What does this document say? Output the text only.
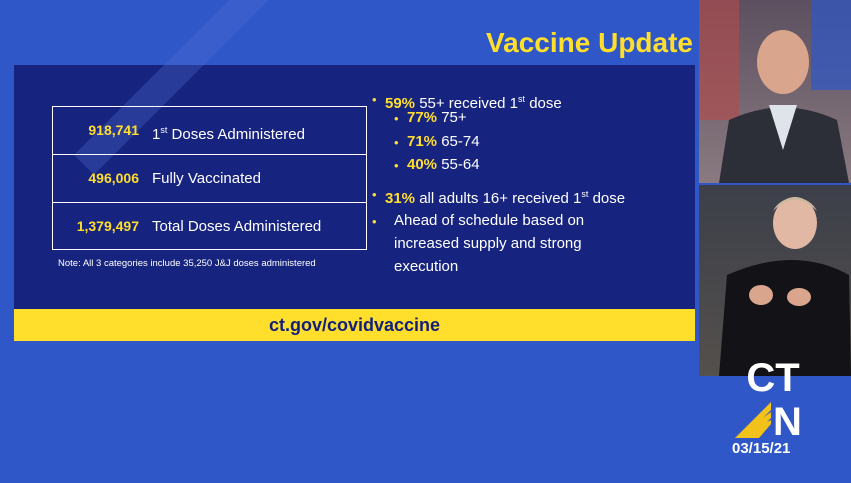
Vaccine Update
918,741 1st Doses Administered
496,006 Fully Vaccinated
1,379,497 Total Doses Administered
Note: All 3 categories include 35,250 J&J doses administered
• 59% 55+ received 1st dose
• 77% 75+
• 71% 65-74
• 40% 55-64
• 31% all adults 16+ received 1st dose
• Ahead of schedule based on
increased supply and strong
execution
ct.gov/covidvaccine
CT
N
03/15/21
